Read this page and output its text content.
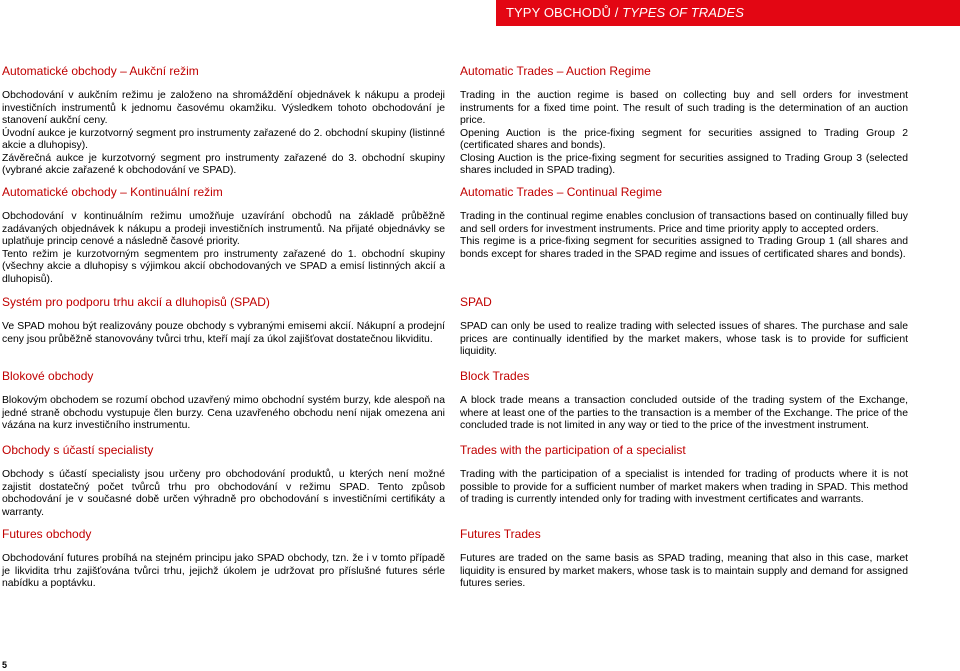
TYPY OBCHODŮ / TYPES OF TRADES
Automatické obchody – Aukční režim

Obchodování v aukčním režimu je založeno na shromáždění objednávek k nákupu a prodeji investičních instrumentů k jednomu časovému okamžiku. Výsledkem tohoto obchodování je stanovení aukční ceny.

Úvodní aukce je kurzotvorný segment pro instrumenty zařazené do 2. obchodní skupiny (listinné akcie a dluhopisy).

Závěrečná aukce je kurzotvorný segment pro instrumenty zařazené do 3. obchodní skupiny (vybrané akcie zařazené k obchodování ve SPAD).

Automatické obchody – Kontinuální režim

Obchodování v kontinuálním režimu umožňuje uzavírání obchodů na základě průběžně zadávaných objednávek k nákupu a prodeji investičních instrumentů. Na přijaté objednávky se uplatňuje princip cenové a následně časové priority.

Tento režim je kurzotvorným segmentem pro instrumenty zařazené do 1. obchodní skupiny (všechny akcie a dluhopisy s výjimkou akcií obchodovaných ve SPAD a emisí listinných akcií a dluhopisů).

Systém pro podporu trhu akcií a dluhopisů (SPAD)

Ve SPAD mohou být realizovány pouze obchody s vybranými emisemi akcií. Nákupní a prodejní ceny jsou průběžně stanovovány tvůrci trhu, kteří mají za úkol zajišťovat dostatečnou likviditu.

Blokové obchody

Blokovým obchodem se rozumí obchod uzavřený mimo obchodní systém burzy, kde alespoň na jedné straně obchodu vystupuje člen burzy. Cena uzavřeného obchodu není nijak omezena ani vázána na kurz investičního instrumentu.

Obchody s účastí specialisty

Obchody s účastí specialisty jsou určeny pro obchodování produktů, u kterých není možné zajistit dostatečný počet tvůrců trhu pro obchodování v režimu SPAD. Tento způsob obchodování je v současné době určen výhradně pro obchodování s investičními certifikáty a warranty.

Futures obchody

Obchodování futures probíhá na stejném principu jako SPAD obchody, tzn. že i v tomto případě je likvidita trhu zajišťována tvůrci trhu, jejichž úkolem je udržovat pro příslušné futures sérle nabídku a poptávku.

Automatic Trades – Auction Regime

Trading in the auction regime is based on collecting buy and sell orders for investment instruments for a fixed time point. The result of such trading is the determination of an auction price.

Opening Auction is the price-fixing segment for securities assigned to Trading Group 2 (certificated shares and bonds).

Closing Auction is the price-fixing segment for securities assigned to Trading Group 3 (selected shares included in SPAD trading).

Automatic Trades – Continual Regime

Trading in the continual regime enables conclusion of transactions based on continually filled buy and sell orders for investment instruments. Price and time priority apply to accepted orders.

This regime is a price-fixing segment for securities assigned to Trading Group 1 (all shares and bonds except for shares traded in the SPAD regime and issues of certificated shares and bonds).

SPAD

SPAD can only be used to realize trading with selected issues of shares. The purchase and sale prices are continually identified by the market makers, whose task is to provide for sufficient liquidity.

Block Trades

A block trade means a transaction concluded outside of the trading system of the Exchange, where at least one of the parties to the transaction is a member of the Exchange. The price of the concluded trade is not limited in any way or tied to the price of the investment instrument.

Trades with the participation of a specialist

Trading with the participation of a specialist is intended for trading of products where it is not possible to provide for a sufficient number of market makers when trading in SPAD. This method of trading is currently intended only for trading with investment certificates and warrants.

Futures Trades

Futures are traded on the same basis as SPAD trading, meaning that also in this case, market liquidity is ensured by market makers, whose task is to maintain supply and demand for assigned futures series.

5
